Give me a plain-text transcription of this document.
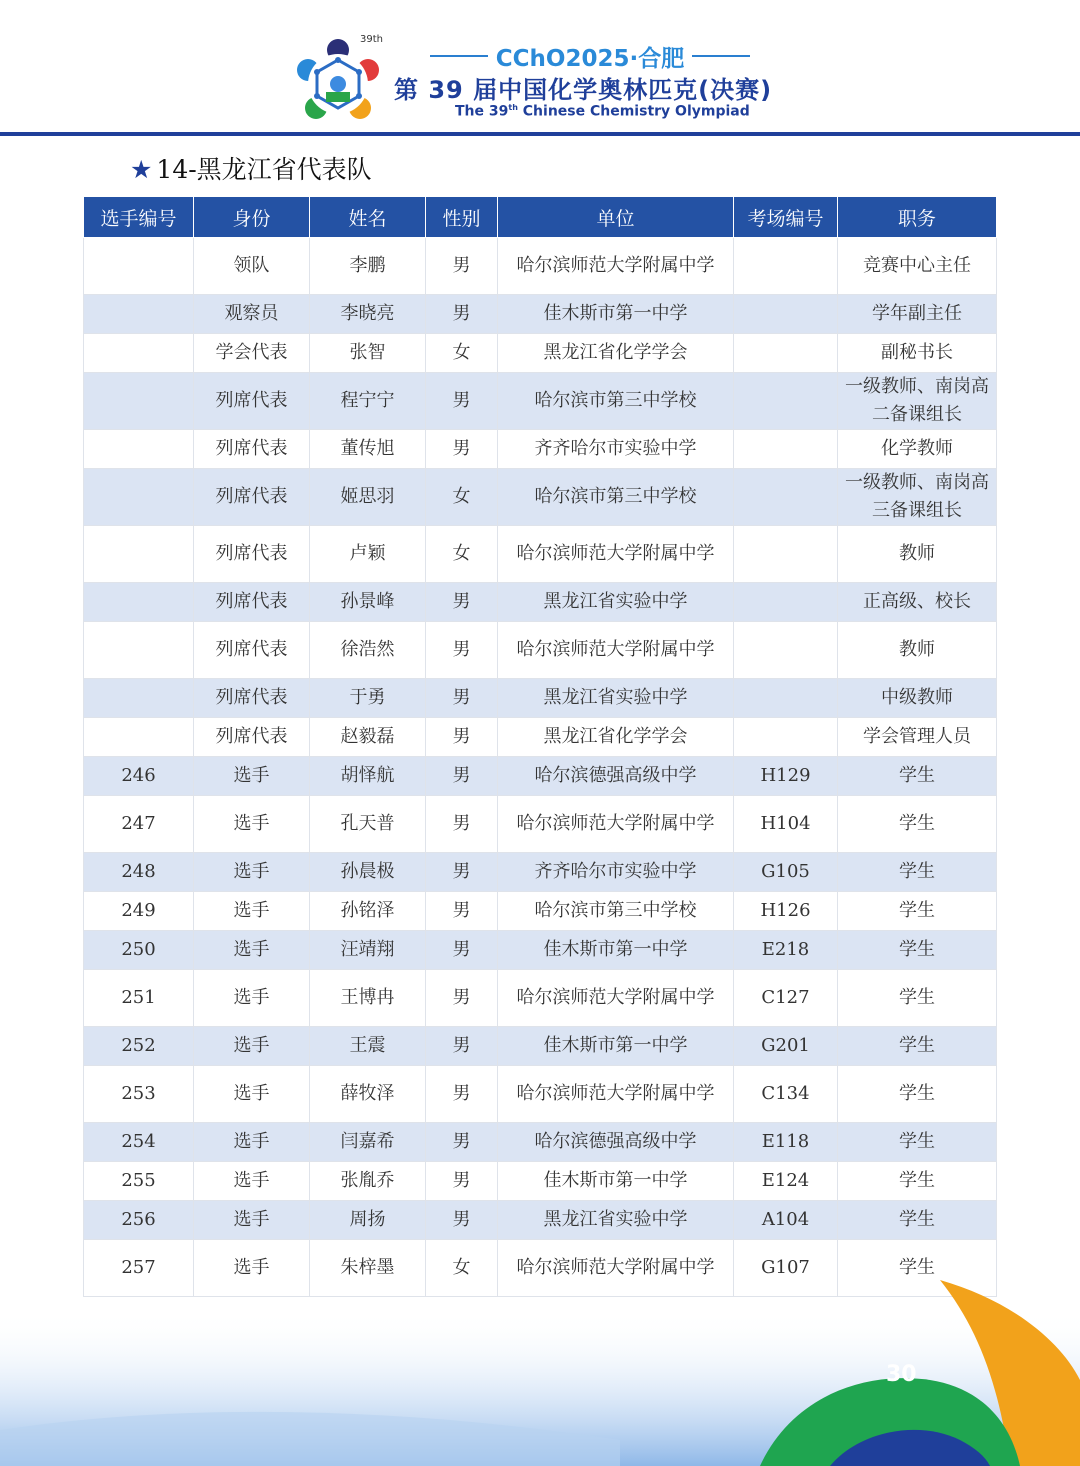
39th
CChO2025·合肥
第 39 届中国化学奥林匹克(决赛)
The 39th Chinese Chemistry Olympiad
★ 14-黑龙江省代表队
选手编号	身份	姓名	性别	单位	考场编号	职务
	领队	李鹏	男	哈尔滨师范大学附属中学		竞赛中心主任
	观察员	李晓亮	男	佳木斯市第一中学		学年副主任
	学会代表	张智	女	黑龙江省化学学会		副秘书长
	列席代表	程宁宁	男	哈尔滨市第三中学校		一级教师、南岗高二备课组长
	列席代表	董传旭	男	齐齐哈尔市实验中学		化学教师
	列席代表	姬思羽	女	哈尔滨市第三中学校		一级教师、南岗高三备课组长
	列席代表	卢颖	女	哈尔滨师范大学附属中学		教师
	列席代表	孙景峰	男	黑龙江省实验中学		正高级、校长
	列席代表	徐浩然	男	哈尔滨师范大学附属中学		教师
	列席代表	于勇	男	黑龙江省实验中学		中级教师
	列席代表	赵毅磊	男	黑龙江省化学学会		学会管理人员
246	选手	胡怿航	男	哈尔滨德强高级中学	H129	学生
247	选手	孔天普	男	哈尔滨师范大学附属中学	H104	学生
248	选手	孙晨极	男	齐齐哈尔市实验中学	G105	学生
249	选手	孙铭泽	男	哈尔滨市第三中学校	H126	学生
250	选手	汪靖翔	男	佳木斯市第一中学	E218	学生
251	选手	王博冉	男	哈尔滨师范大学附属中学	C127	学生
252	选手	王震	男	佳木斯市第一中学	G201	学生
253	选手	薛牧泽	男	哈尔滨师范大学附属中学	C134	学生
254	选手	闫嘉希	男	哈尔滨德强高级中学	E118	学生
255	选手	张胤乔	男	佳木斯市第一中学	E124	学生
256	选手	周扬	男	黑龙江省实验中学	A104	学生
257	选手	朱梓墨	女	哈尔滨师范大学附属中学	G107	学生
30
